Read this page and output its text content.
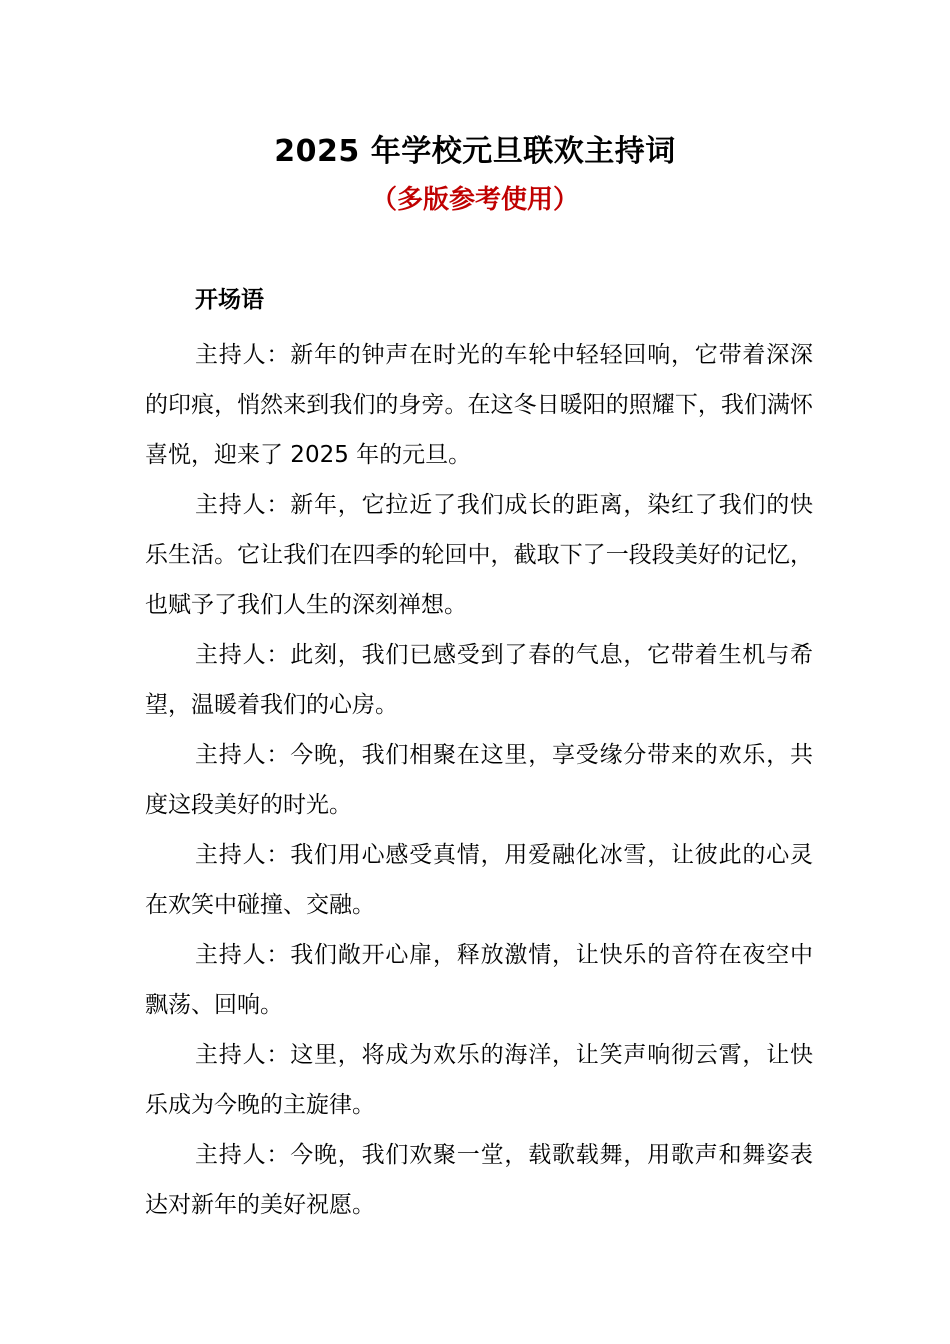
2025 年学校元旦联欢主持词
（多版参考使用）
开场语

主持人：新年的钟声在时光的车轮中轻轻回响，它带着深深的印痕，悄然来到我们的身旁。在这冬日暖阳的照耀下，我们满怀喜悦，迎来了 2025 年的元旦。

主持人：新年，它拉近了我们成长的距离，染红了我们的快乐生活。它让我们在四季的轮回中，截取下了一段段美好的记忆，也赋予了我们人生的深刻禅想。

主持人：此刻，我们已感受到了春的气息，它带着生机与希望，温暖着我们的心房。

主持人：今晚，我们相聚在这里，享受缘分带来的欢乐，共度这段美好的时光。

主持人：我们用心感受真情，用爱融化冰雪，让彼此的心灵在欢笑中碰撞、交融。

主持人：我们敞开心扉，释放激情，让快乐的音符在夜空中飘荡、回响。

主持人：这里，将成为欢乐的海洋，让笑声响彻云霄，让快乐成为今晚的主旋律。

主持人：今晚，我们欢聚一堂，载歌载舞，用歌声和舞姿表达对新年的美好祝愿。
